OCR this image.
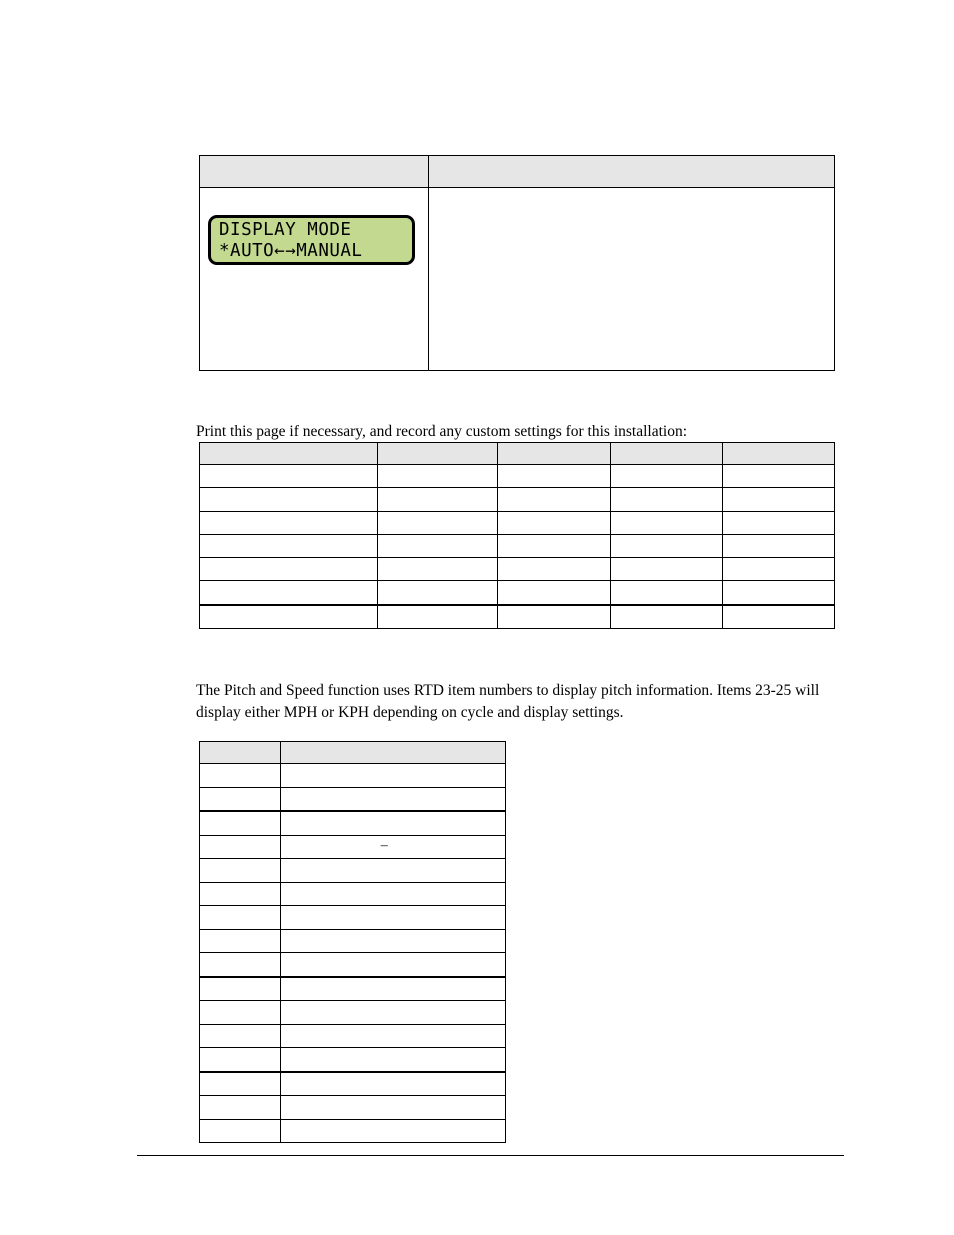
DISPLAY MODE
*AUTO←→MANUAL	

Print this page if necessary, and record any custom settings for this installation:

The Pitch and Speed function uses RTD item numbers to display pitch information. Items 23-25 will display either MPH or KPH depending on cycle and display settings.

	–
